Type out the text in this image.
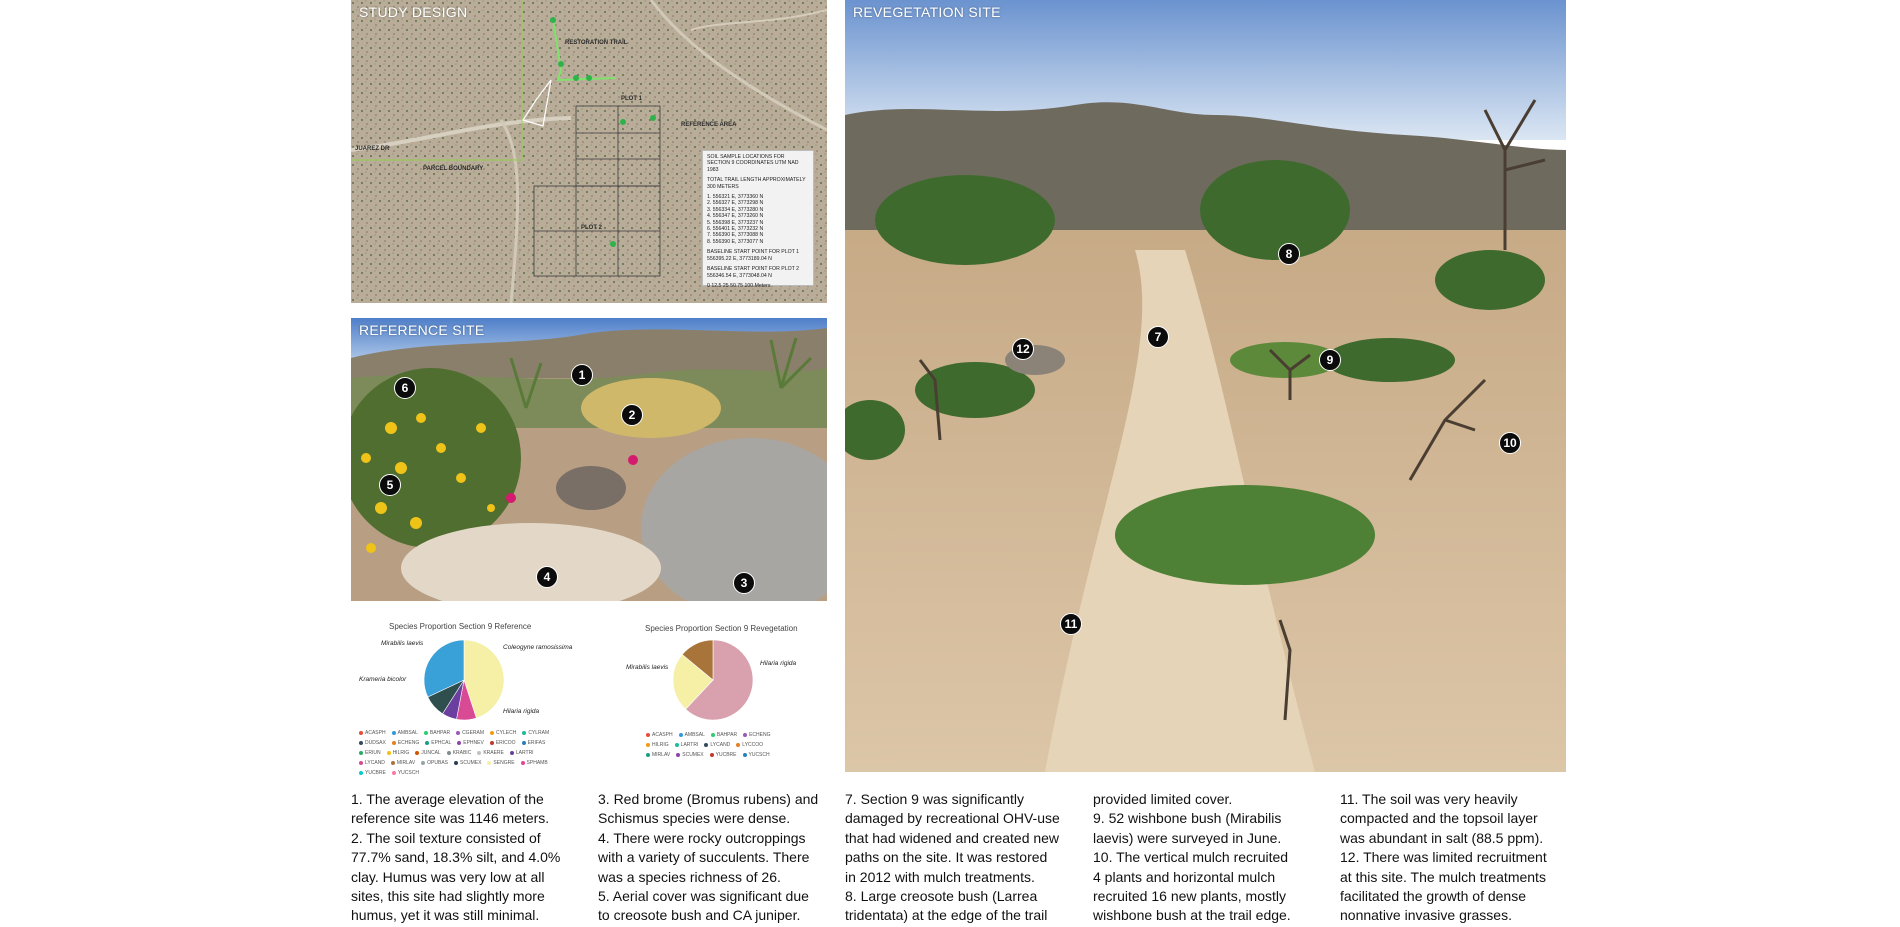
STUDY DESIGN
RESTORATION TRAIL
PLOT 1
PLOT 2
REFERENCE AREA
JUAREZ DR
PARCEL BOUNDARY
SOIL SAMPLE LOCATIONS FOR SECTION 9 COORDINATES UTM NAD 1983
TOTAL TRAIL LENGTH APPROXIMATELY 300 METERS
1. 556321 E, 3773360 N
2. 556327 E, 3773298 N
3. 556334 E, 3773280 N
4. 556347 E, 3773260 N
5. 556398 E, 3773237 N
6. 556401 E, 3773232 N
7. 556390 E, 3773088 N
8. 556390 E, 3773077 N
BASELINE START POINT FOR PLOT 1 556395.22 E, 3773189.04 N
BASELINE START POINT FOR PLOT 2 556346.54 E, 3773048.04 N
0 12.5 25 50 75 100 Meters
REFERENCE SITE
1
2
3
4
5
6
REVEGETATION SITE
7
8
9
10
11
12
Species Proportion Section 9 Reference
Mirabilis laevis
Coleogyne ramosissima
Krameria bicolor
Hilaria rigida
ACASPH AMBSAL BAHPAR CGERAM CYLECH CYLRAMDUDSAX ECHENG EPHCAL EPHNEV ERICOO ERIFASERIUN HILRIG JUNCAL KRABIC KRAERE LARTRILYCAND MIRLAV OPUBAS SCUMEX SENGRE SPHAMBYUCBRE YUCSCH
Species Proportion Section 9 Revegetation
Mirabilis laevis
Hilaria rigida
ACASPH AMBSAL BAHPAR ECHENGHILRIG LARTRI LYCAND LYCCOOMIRLAV SCUMEX YUCBRE YUCSCH

1. The average elevation of the

reference site was 1146 meters.

2. The soil texture consisted of

77.7% sand, 18.3% silt, and 4.0%

clay. Humus was very low at all

sites, this site had slightly more

humus, yet it was still minimal.

3. Red brome (Bromus rubens) and

Schismus species were dense.

4. There were rocky outcroppings

with a variety of succulents. There

was a species richness of 26.

5. Aerial cover was significant due

to creosote bush and CA juniper.

7. Section 9 was significantly

damaged by recreational OHV-use

that had widened and created new

paths on the site. It was restored

in 2012 with mulch treatments.

8. Large creosote bush (Larrea

tridentata) at the edge of the trail

provided limited cover.

9. 52 wishbone bush (Mirabilis

laevis) were surveyed in June.

10. The vertical mulch recruited

4 plants and horizontal mulch

recruited 16 new plants, mostly

wishbone bush at the trail edge.

11. The soil was very heavily

compacted and the topsoil layer

was abundant in salt (88.5 ppm).

12. There was limited recruitment

at this site. The mulch treatments

facilitated the growth of dense

nonnative invasive grasses.
